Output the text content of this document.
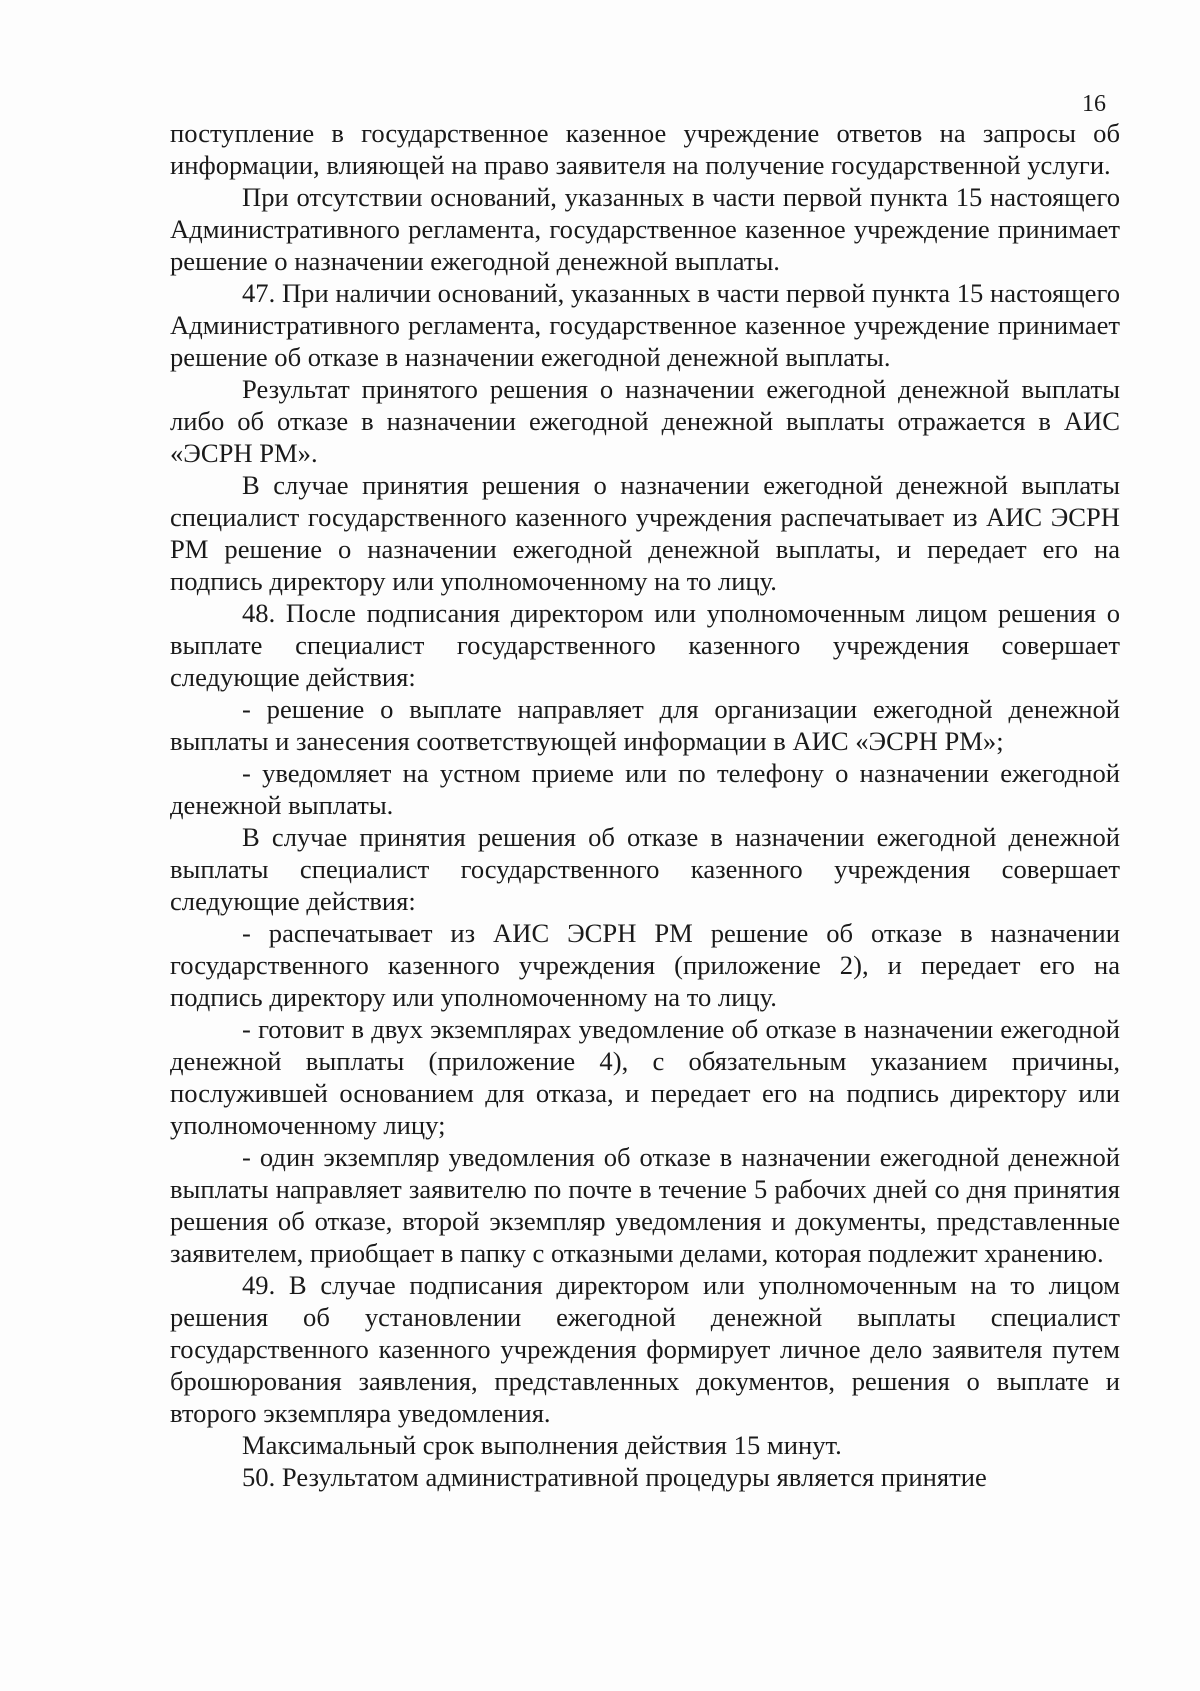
16

поступление в государственное казенное учреждение ответов на запросы об информации, влияющей на право заявителя на получение государственной услуги.

При отсутствии оснований, указанных в части первой пункта 15 настоящего Административного регламента, государственное казенное учреждение принимает решение о назначении ежегодной денежной выплаты.

47. При наличии оснований, указанных в части первой пункта 15 настоящего Административного регламента, государственное казенное учреждение принимает решение об отказе в назначении ежегодной денежной выплаты.

Результат принятого решения о назначении ежегодной денежной выплаты либо об отказе в назначении ежегодной денежной выплаты отражается в АИС «ЭСРН РМ».

В случае принятия решения о назначении ежегодной денежной выплаты специалист государственного казенного учреждения распечатывает из АИС ЭСРН РМ решение о назначении ежегодной денежной выплаты, и передает его на подпись директору или уполномоченному на то лицу.

48. После подписания директором или уполномоченным лицом решения о выплате специалист государственного казенного учреждения совершает следующие действия:

- решение о выплате направляет для организации ежегодной денежной выплаты и занесения соответствующей информации в АИС «ЭСРН РМ»;

- уведомляет на устном приеме или по телефону о назначении ежегодной денежной выплаты.

В случае принятия решения об отказе в назначении ежегодной денежной выплаты специалист государственного казенного учреждения совершает следующие действия:

- распечатывает из АИС ЭСРН РМ решение об отказе в назначении государственного казенного учреждения (приложение 2), и передает его на подпись директору или уполномоченному на то лицу.

- готовит в двух экземплярах уведомление об отказе в назначении ежегодной денежной выплаты (приложение 4), с обязательным указанием причины, послужившей основанием для отказа, и передает его на подпись директору или уполномоченному лицу;

- один экземпляр уведомления об отказе в назначении ежегодной денежной выплаты направляет заявителю по почте в течение 5 рабочих дней со дня принятия решения об отказе, второй экземпляр уведомления и документы, представленные заявителем, приобщает в папку с отказными делами, которая подлежит хранению.

49. В случае подписания директором или уполномоченным на то лицом решения об установлении ежегодной денежной выплаты специалист государственного казенного учреждения формирует личное дело заявителя путем брошюрования заявления, представленных документов, решения о выплате и второго экземпляра уведомления.

Максимальный срок выполнения действия 15 минут.

50. Результатом административной процедуры является принятие
